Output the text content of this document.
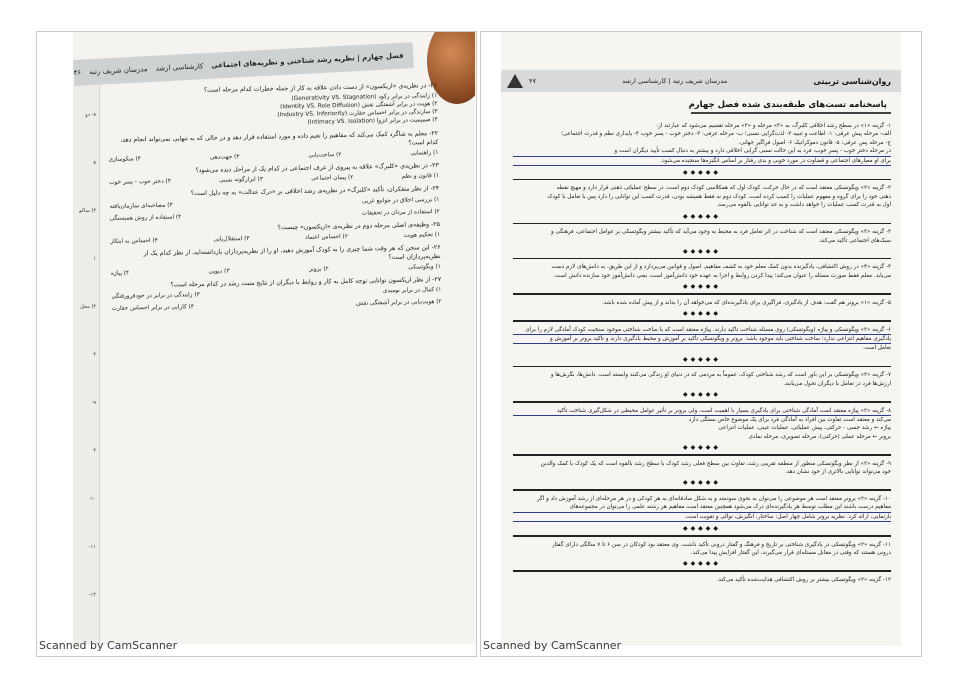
۸- دو
۸
۴) ساکو
۱
۴) محل
۴
۹-
۴
۱۰-
۱۱-
۱۲-
فصل چهارم | نظریه رشد شناختی و نظریه‌های اجتماعی
کارشناسی ارشد
مدرسان شریف رتبه
۴۶
۲۱- در نظریه‌ی «اریکسون» از دست دادن علاقه به کار از جمله خطرات کدام مرحله است؟
۱) زایندگی در برابر رکود (Generativity VS. Stagnation)
۲) هویت در برابر آشفتگی نقش (Identity VS. Role Diffusion)
۳) سازندگی در برابر احساس حقارت (Industry VS. Inferiority)
۴) صمیمیت در برابر انزوا (Intimacy VS. Isolation)
۲۲- معلم به شاگرد کمک می‌کند که مفاهیم را تعیم داده و مورد استفاده قرار دهد و در حالی که به تنهایی نمی‌تواند انجام دهد، کدام است؟
۱) راهنمایی
۲) ساخت‌یابی
۳) جهت‌دهی
۴) سکوسازی
۲۳- در نظریه‌ی «کلبرگ» علاقه به پیروی از عرف اجتماعی در کدام یک از مراحل دیده می‌شود؟
۱) قانون و نظم
۲) پیمان اجتماعی
۳) ابزارگونه نسبی
۴) دختر خوب - پسر خوب
۲۴- از نظر متفکران، تأکید «کلبرگ» در نظریه‌ی رشد اخلاقی بر «درک عدالت» به چه دلیل است؟
۱) بررسی اخلاق در جوامع غربی
۳) مصاحبه‌ای سازمان‌یافته
۲) استفاده از مردان در تحقیقات
۴) استفاده از روش همبستگی
۲۵- وظیفه‌ی اصلی مرحله دوم در نظریه‌ی «اریکسون» چیست؟
۱) تحکیم هویت
۲) احساس اعتماد
۳) استقلال‌یابی
۴) احساس به ابتکار
۲۶- این سخن که هر وقت شما چیزی را به کودک آموزش دهید، او را از نظریه‌پردازان بازداشته‌اید، از نظر کدام یک از نظریه‌پردازان است؟
۱) ویگوتسکی
۲) برونر
۳) دیویی
۴) پیاژه
۲۷- از نظر اریکسون توانایی توجه کامل به کار و روابط با دیگران از نتایج مثبت رشد در کدام مرحله است؟
۱) کمال در برابر نومیدی
۳) زایندگی در برابر در خودفرورفتگی
۲) هویت‌یابی در برابر آشفتگی نقش
۴) کارایی در برابر احساس حقارت
Scanned by CamScanner
روان‌شناسی تربیتی
مدرسان شریف رتبه | کارشناسی ارشد
۴۷
پاسخنامه تست‌های طبقه‌بندی شده فصل چهارم

۱- گزینه «۱» در سطح رشد اخلاقی کلبرگ، به «۳» مرحله و «۲» مرحله تقسیم می‌شود که عبارتند از:

الف- مرحله پیش عرفی: ۱- اطاعت و تنبیه ۲- لذت‌گرایی نسبی؛ ب- مرحله عرفی: ۳- دختر خوب - پسر خوب ۴- پایداری نظم و قدرت اجتماعی؛

ج- مرحله پس عرفی: ۵- قانون دموکراتیک ۶- اصول فراگیر جهانی.

در مرحله دختر خوب - پسر خوب، فرد به این حالت نسبی گرایی اخلاقی دارد و بیشتر به دنبال کسب تأیید دیگران است و

برای او معیارهای اجتماعی و قضاوت در مورد خوبی و بدی رفتار بر اساس انگیزه‌ها سنجیده می‌شود.

◆◆◆◆◆

۲- گزینه «۲» ویگوتسکی معتقد است که در حال حرکت، کودک اول که همکلاسی کودک دوم است، در سطح عملیاتی ذهنی قرار دارد و مهیچ نقطه

ذهنی خود را برای گروه و مفهوم عملیات را کسب کرده است، کودک دوم نه فقط همیشه بودن، قدرت کسب این توانایی را دارد پس با تعامل با کودک

اول به قدرت کسب عملیات را خواهد داشت و به حد توانایی بالقوه می‌رسد.

◆◆◆◆◆

۳- گزینه «۳» ویگوتسکی معتقد است که شناخت در اثر تعامل فرد به محیط به وجود می‌آید که تأکید بیشتر ویگوتسکی بر عوامل اجتماعی، فرهنگی و

سبک‌های اجتماعی تأکید می‌کند.

◆◆◆◆◆

۴- گزینه «۴» در روش اکتشافی، یادگیرنده بدون کمک معلم خود به کشف مفاهیم، اصول و قوانین می‌پردازد و از این طریق، به دانش‌های لازم دست

می‌یابد. معلم فقط صورت مسئله را عنوان می‌کند؛ پیدا کردن روابط و اجزا به عهده خود دانش‌آموز است، یعنی دانش‌آموز خود سازنده دانش است.

◆◆◆◆◆

۵- گزینه «۱» برونر هم گفت: هدف از یادگیری، فراگیری برای یادگیرنده‌ای که می‌خواهد آن را بداند و از پیش آماده شده باشد.

◆◆◆◆◆

۶- گزینه «۳» ویگوتسکی و پیاژه (ویگوتسکی) روی مسئله شناخت تاکید دارند. پیاژه معتقد است که با ساخت شناختی موجود سنخیت کودک آمادگی لازم را برای

یادگیری مفاهیم انتزاعی ندارد؛ ساخت شناختی باید موجود باشد. برونر و ویگوتسکی تأکید بر آموزش و محیط یادگیری دارند و تأکید برونر بر آموزش و

تعامل است.

◆◆◆◆◆

۷- گزینه «۲» ویگوتسکی بر این باور است که رشد شناختی کودک، عموماً به مردمی که در دنیای او زندگی می‌کنند وابسته است. دانش‌ها، نگرش‌ها و

ارزش‌ها فرد در تعامل با دیگران تحول می‌یابند.

◆◆◆◆◆

۸- گزینه «۲» پیاژه معتقد است آمادگی شناختی برای یادگیری بسیار با اهمیت است، ولی برونر بر تأثیر عوامل محیطی در شکل‌گیری شناخت تأکید

می‌کند و معتقد است تفاوت بین افراد به آمادگی فرد برای یک موضوع خاص بستگی دارد.

پیاژه ← رشد حسی - حرکتی، پیش عملیاتی، عملیات عینی، عملیات انتزاعی

برونر ← مرحله عملی (حرکتی)، مرحله تصویری، مرحله نمادی

◆◆◆◆◆

۹- گزینه «۲» از نظر ویگوتسکی منظور از منطقه تقریبی رشد، تفاوت بین سطح فعلی رشد کودک با سطح رشد بالقوه است که یک کودک با کمک والدین

خود می‌تواند توانایی بالاتری از خود نشان دهد.

◆◆◆◆◆

۱۰- گزینه «۲» برونر معتقد است هر موضوعی را می‌توان به نحوی سودمند و به شکل صادقانه‌ای به هر کودکی و در هر مرحله‌ای از رشد آموزش داد و اگر

مفاهیم درست باشند این مطلب توسط هر یادگیرنده‌ای درک می‌شود همچنین معتقد است مفاهیم هر رشته علمی را می‌توان در مجموعه‌های

بازنمایی، ارائه کرد. نظریه برونر شامل چهار اصل: ساختار، انگیزش، توالی و تقویت است.

◆◆◆◆◆

۱۱- گزینه «۲» ویگوتسکی در یادگیری شناختی بر تاریخ و فرهنگ و گفتار درونی تأکید داشت. وی معتقد بود کودکان در سن ۶ تا ۷ سالگی دارای گفتار

درونی هستند که وقتی در مقابل مسئله‌ای قرار می‌گیرند، این گفتار افزایش پیدا می‌کند.

◆◆◆◆◆

۱۲- گزینه «۲» ویگوتسکی بیشتر بر روش اکتشافی هدایت‌شده تأکید می‌کند.

Scanned by CamScanner
